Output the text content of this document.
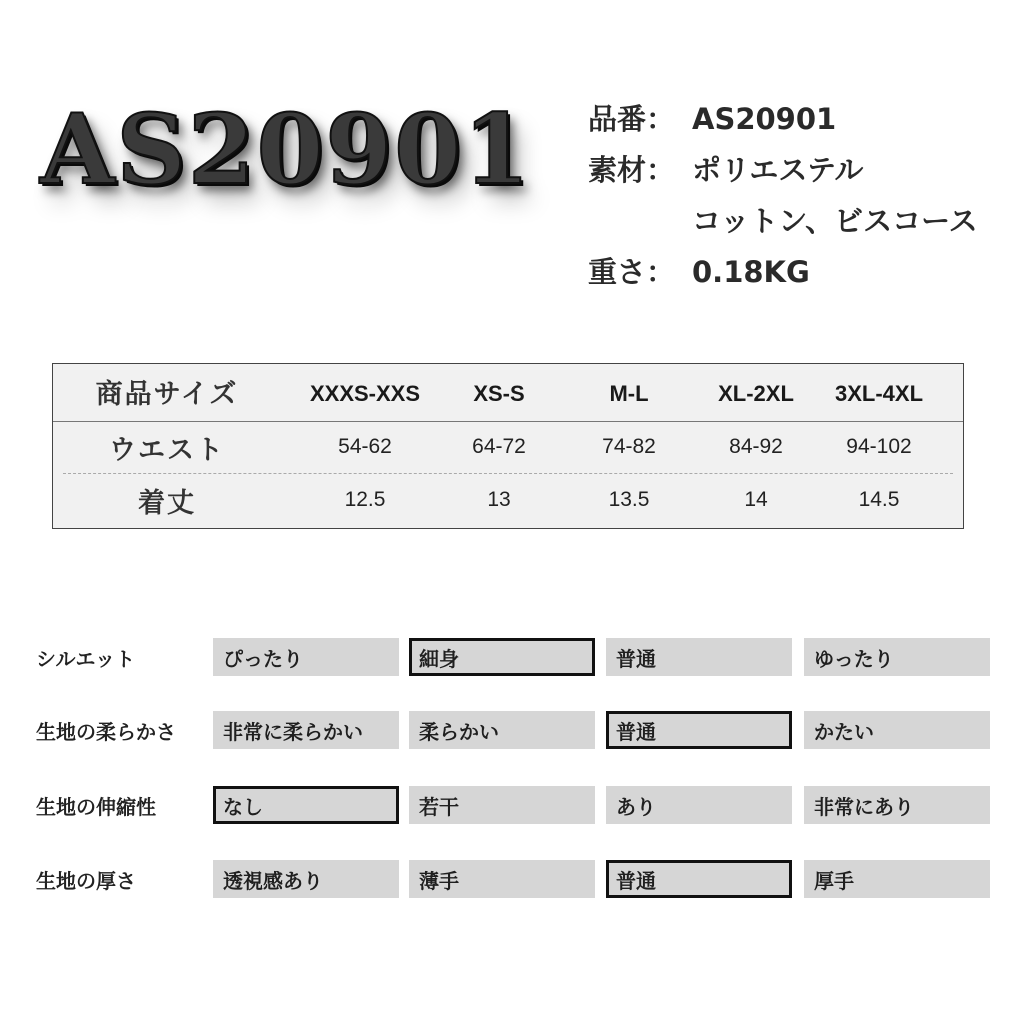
AS20901 品番： AS20901
素材： ポリエステル
コットン、ビスコース
重さ： 0.18KG
商品サイズ	XXXS-XXS	XS-S	M-L	XL-2XL	3XL-4XL
ウエスト	54-62	64-72	74-82	84-92	94-102
着丈	12.5	13	13.5	14	14.5
シルエット	ぴったり	細身	普通	ゆったり
生地の柔らかさ	非常に柔らかい	柔らかい	普通	かたい
生地の伸縮性	なし	若干	あり	非常にあり
生地の厚さ	透視感あり	薄手	普通	厚手
